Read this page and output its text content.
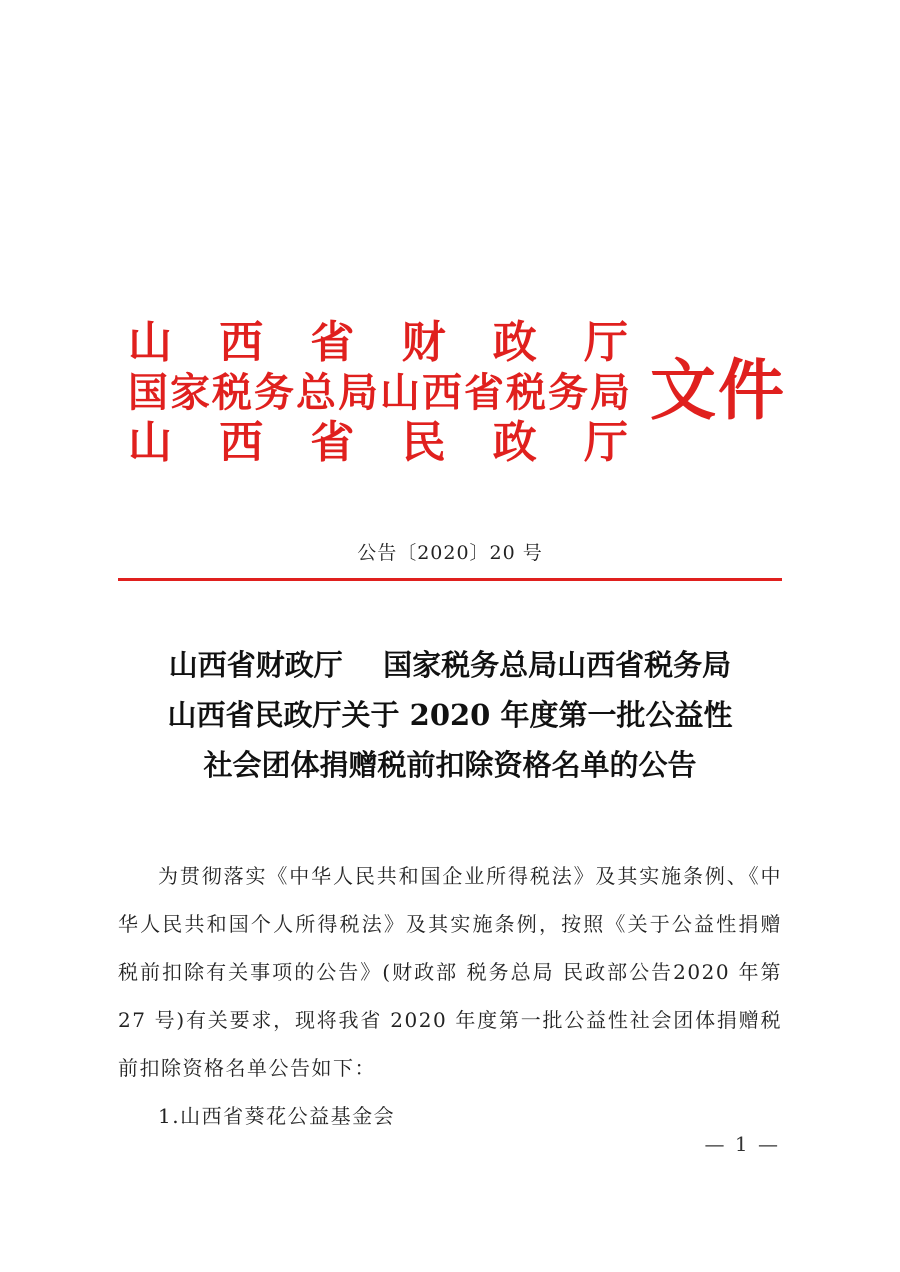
山 西 省 财 政 厅
国 家 税 务 总 局 山 西 省 税 务 局
山 西 省 民 政 厅
文件
公告〔2020〕20 号
山西省财政厅    国家税务总局山西省税务局
山西省民政厅关于 2020 年度第一批公益性
社会团体捐赠税前扣除资格名单的公告
为贯彻落实《中华人民共和国企业所得税法》及其实施条例、《中华人民共和国个人所得税法》及其实施条例，按照《关于公益性捐赠税前扣除有关事项的公告》(财政部 税务总局 民政部公告2020 年第 27 号)有关要求，现将我省 2020 年度第一批公益性社会团体捐赠税前扣除资格名单公告如下：
1.山西省葵花公益基金会
— 1 —
